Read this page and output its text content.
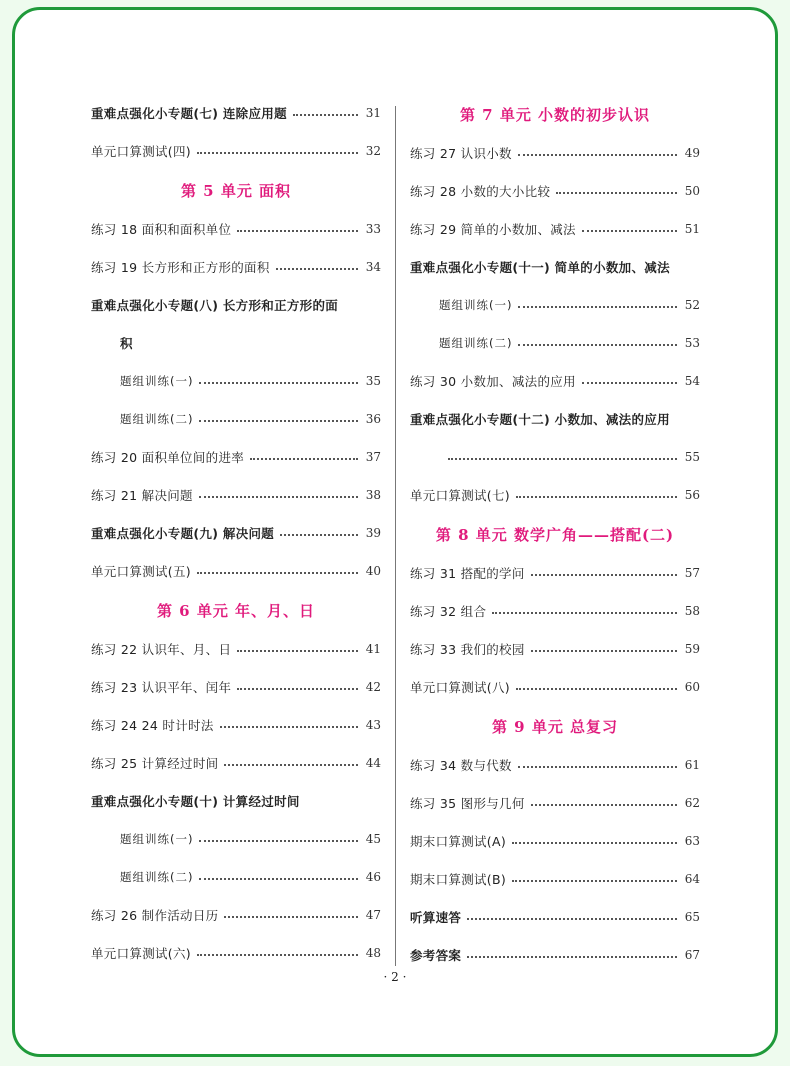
重难点强化小专题(七) 连除应用题	31
单元口算测试(四)	32
第 5 单元 面积
练习 18 面积和面积单位	33
练习 19 长方形和正方形的面积	34
重难点强化小专题(八) 长方形和正方形的面
积
题组训练(一)	35
题组训练(二)	36
练习 20 面积单位间的进率	37
练习 21 解决问题	38
重难点强化小专题(九) 解决问题	39
单元口算测试(五)	40
第 6 单元 年、月、日
练习 22 认识年、月、日	41
练习 23 认识平年、闰年	42
练习 24 24 时计时法	43
练习 25 计算经过时间	44
重难点强化小专题(十) 计算经过时间
题组训练(一)	45
题组训练(二)	46
练习 26 制作活动日历	47
单元口算测试(六)	48
第 7 单元 小数的初步认识
练习 27 认识小数	49
练习 28 小数的大小比较	50
练习 29 简单的小数加、减法	51
重难点强化小专题(十一) 简单的小数加、减法
题组训练(一)	52
题组训练(二)	53
练习 30 小数加、减法的应用	54
重难点强化小专题(十二) 小数加、减法的应用
55
单元口算测试(七)	56
第 8 单元 数学广角——搭配(二)
练习 31 搭配的学问	57
练习 32 组合	58
练习 33 我们的校园	59
单元口算测试(八)	60
第 9 单元 总复习
练习 34 数与代数	61
练习 35 图形与几何	62
期末口算测试(A)	63
期末口算测试(B)	64
听算速答	65
参考答案	67
· 2 ·
